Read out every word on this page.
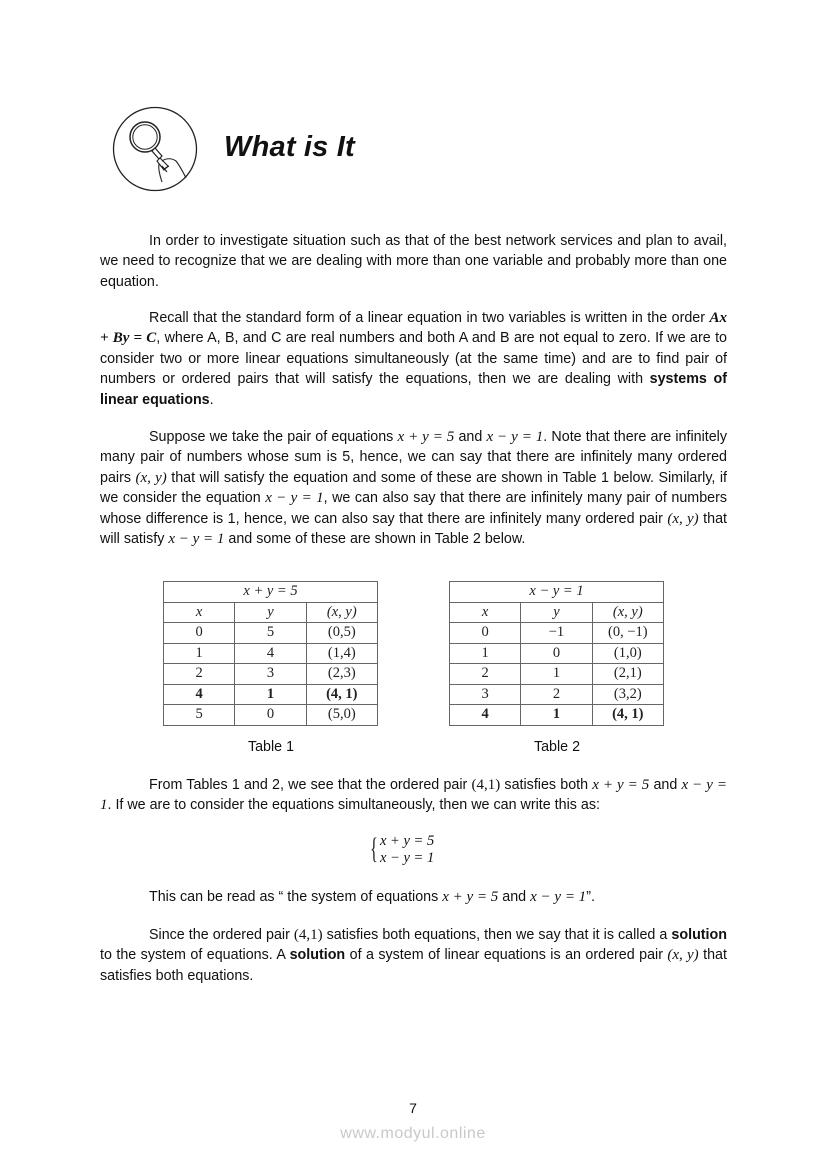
What is It
In order to investigate situation such as that of the best network services and plan to avail, we need to recognize that we are dealing with more than one variable and probably more than one equation.
Recall that the standard form of a linear equation in two variables is written in the order Ax + By = C, where A, B, and C are real numbers and both A and B are not equal to zero. If we are to consider two or more linear equations simultaneously (at the same time) and are to find pair of numbers or ordered pairs that will satisfy the equations, then we are dealing with systems of linear equations.
Suppose we take the pair of equations x + y = 5 and x − y = 1. Note that there are infinitely many pair of numbers whose sum is 5, hence, we can say that there are infinitely many ordered pairs (x, y) that will satisfy the equation and some of these are shown in Table 1 below. Similarly, if we consider the equation x − y = 1, we can also say that there are infinitely many pair of numbers whose difference is 1, hence, we can also say that there are infinitely many ordered pair (x, y) that will satisfy x − y = 1 and some of these are shown in Table 2 below.
x + y = 5		
x	y	(x, y)
0	5	(0,5)
1	4	(1,4)
2	3	(2,3)
4	1	(4, 1)
5	0	(5,0)
Table 1
x − y = 1		
x	y	(x, y)
0	−1	(0, −1)
1	0	(1,0)
2	1	(2,1)
3	2	(3,2)
4	1	(4, 1)
Table 2
From Tables 1 and 2, we see that the ordered pair (4,1) satisfies both x + y = 5 and x − y = 1. If we are to consider the equations simultaneously, then we can write this as:
{ x + y = 5
x − y = 1
This can be read as “ the system of equations x + y = 5 and x − y = 1”.
Since the ordered pair (4,1) satisfies both equations, then we say that it is called a solution to the system of equations. A solution of a system of linear equations is an ordered pair (x, y) that satisfies both equations.
7
www.modyul.online
